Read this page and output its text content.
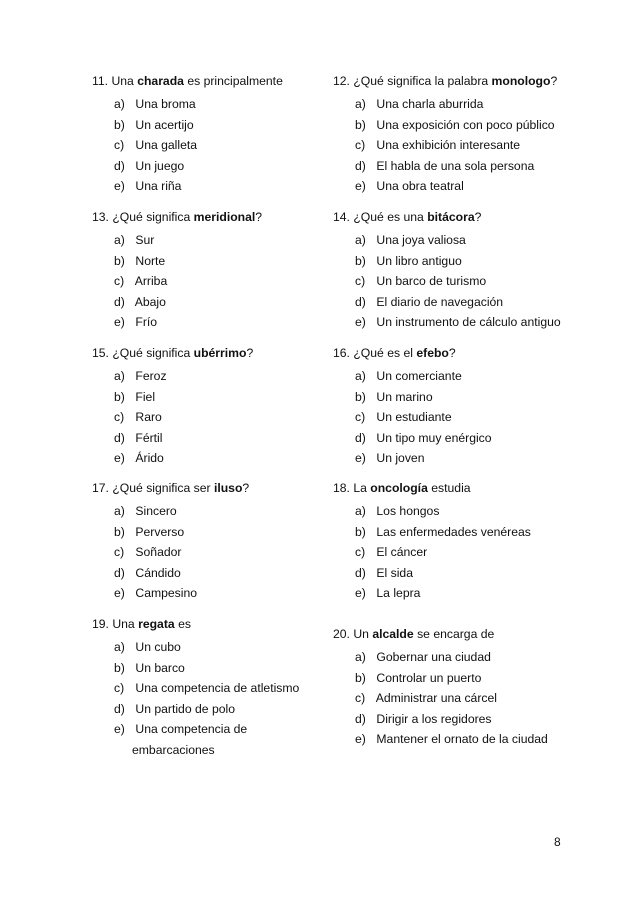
11. Una charada es principalmente
a) Una broma
b) Un acertijo
c) Una galleta
d) Un juego
e) Una riña
12. ¿Qué significa la palabra monologo?
a) Una charla aburrida
b) Una exposición con poco público
c) Una exhibición interesante
d) El habla de una sola persona
e) Una obra teatral
13. ¿Qué significa meridional?
a) Sur
b) Norte
c) Arriba
d) Abajo
e) Frío
14. ¿Qué es una bitácora?
a) Una joya valiosa
b) Un libro antiguo
c) Un barco de turismo
d) El diario de navegación
e) Un instrumento de cálculo antiguo
15. ¿Qué significa ubérrimo?
a) Feroz
b) Fiel
c) Raro
d) Fértil
e) Árido
16. ¿Qué es el efebo?
a) Un comerciante
b) Un marino
c) Un estudiante
d) Un tipo muy enérgico
e) Un joven
17. ¿Qué significa ser iluso?
a) Sincero
b) Perverso
c) Soñador
d) Cándido
e) Campesino
18. La oncología estudia
a) Los hongos
b) Las enfermedades venéreas
c) El cáncer
d) El sida
e) La lepra
19. Una regata es
a) Un cubo
b) Un barco
c) Una competencia de atletismo
d) Un partido de polo
e) Una competencia de
embarcaciones
20. Un alcalde se encarga de
a) Gobernar una ciudad
b) Controlar un puerto
c) Administrar una cárcel
d) Dirigir a los regidores
e) Mantener el ornato de la ciudad
8
